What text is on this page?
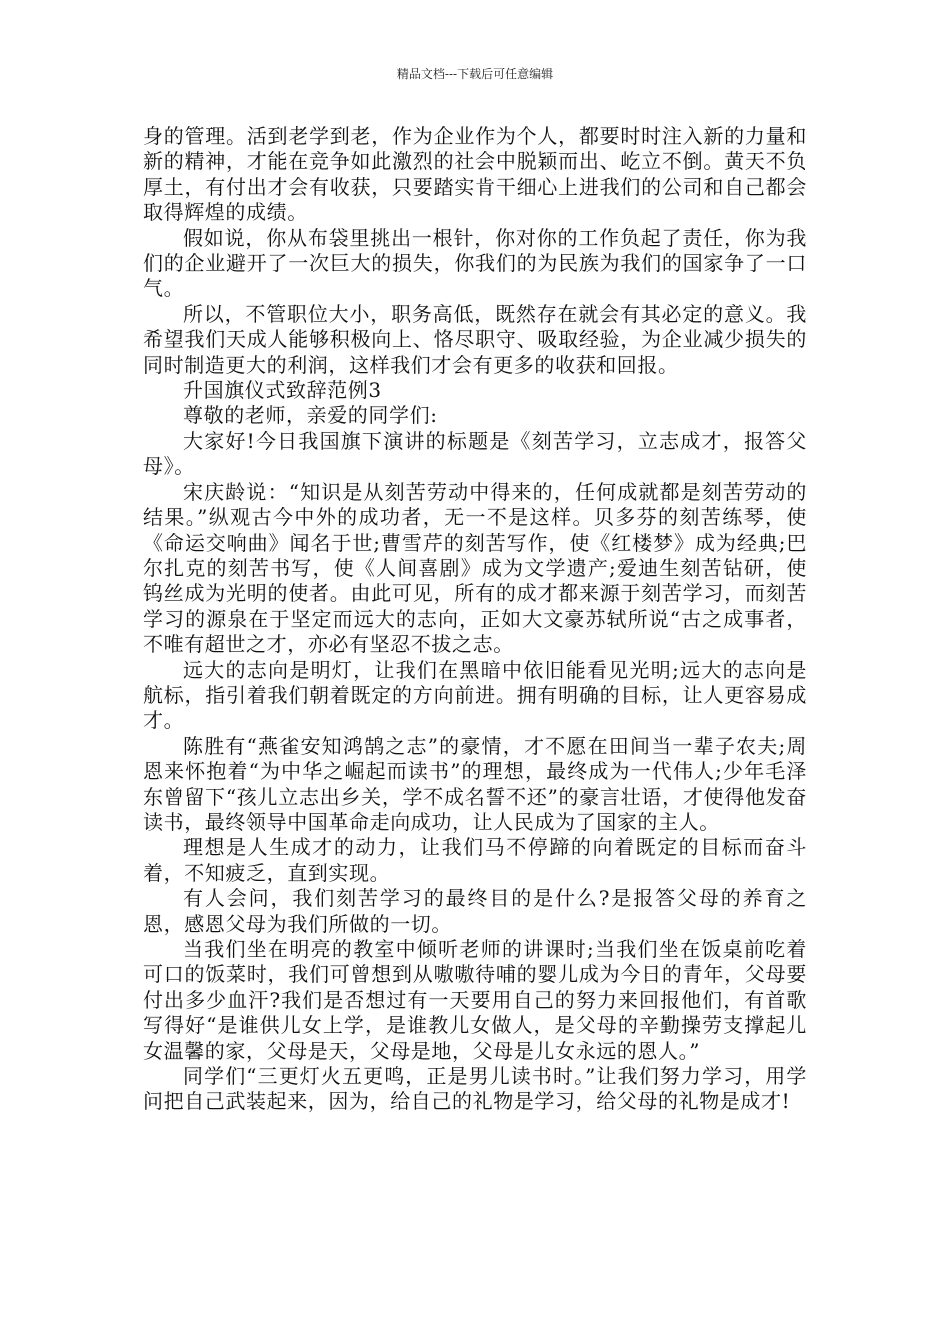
精品文档---下载后可任意编辑

身的管理。活到老学到老，作为企业作为个人，都要时时注入新的力量和新的精神，才能在竞争如此激烈的社会中脱颖而出、屹立不倒。黄天不负厚土，有付出才会有收获，只要踏实肯干细心上进我们的公司和自己都会取得辉煌的成绩。

假如说，你从布袋里挑出一根针，你对你的工作负起了责任，你为我们的企业避开了一次巨大的损失，你我们的为民族为我们的国家争了一口气。

所以，不管职位大小，职务高低，既然存在就会有其必定的意义。我希望我们天成人能够积极向上、恪尽职守、吸取经验，为企业减少损失的同时制造更大的利润，这样我们才会有更多的收获和回报。

升国旗仪式致辞范例3

尊敬的老师，亲爱的同学们:

大家好!今日我国旗下演讲的标题是《刻苦学习，立志成才，报答父母》。

宋庆龄说：“知识是从刻苦劳动中得来的，任何成就都是刻苦劳动的结果。”纵观古今中外的成功者，无一不是这样。贝多芬的刻苦练琴，使《命运交响曲》闻名于世;曹雪芹的刻苦写作，使《红楼梦》成为经典;巴尔扎克的刻苦书写，使《人间喜剧》成为文学遗产;爱迪生刻苦钻研，使钨丝成为光明的使者。由此可见，所有的成才都来源于刻苦学习，而刻苦学习的源泉在于坚定而远大的志向，正如大文豪苏轼所说“古之成事者，不唯有超世之才，亦必有坚忍不拔之志。

远大的志向是明灯，让我们在黑暗中依旧能看见光明;远大的志向是航标，指引着我们朝着既定的方向前进。拥有明确的目标，让人更容易成才。

陈胜有“燕雀安知鸿鹄之志”的豪情，才不愿在田间当一辈子农夫;周恩来怀抱着“为中华之崛起而读书”的理想，最终成为一代伟人;少年毛泽东曾留下“孩儿立志出乡关，学不成名誓不还”的豪言壮语，才使得他发奋读书，最终领导中国革命走向成功，让人民成为了国家的主人。

理想是人生成才的动力，让我们马不停蹄的向着既定的目标而奋斗着，不知疲乏，直到实现。

有人会问，我们刻苦学习的最终目的是什么?是报答父母的养育之恩，感恩父母为我们所做的一切。

当我们坐在明亮的教室中倾听老师的讲课时;当我们坐在饭桌前吃着可口的饭菜时，我们可曾想到从嗷嗷待哺的婴儿成为今日的青年，父母要付出多少血汗?我们是否想过有一天要用自己的努力来回报他们，有首歌写得好“是谁供儿女上学，是谁教儿女做人，是父母的辛勤操劳支撑起儿女温馨的家，父母是天，父母是地，父母是儿女永远的恩人。”

同学们“三更灯火五更鸣，正是男儿读书时。”让我们努力学习，用学问把自己武装起来，因为，给自己的礼物是学习，给父母的礼物是成才!
